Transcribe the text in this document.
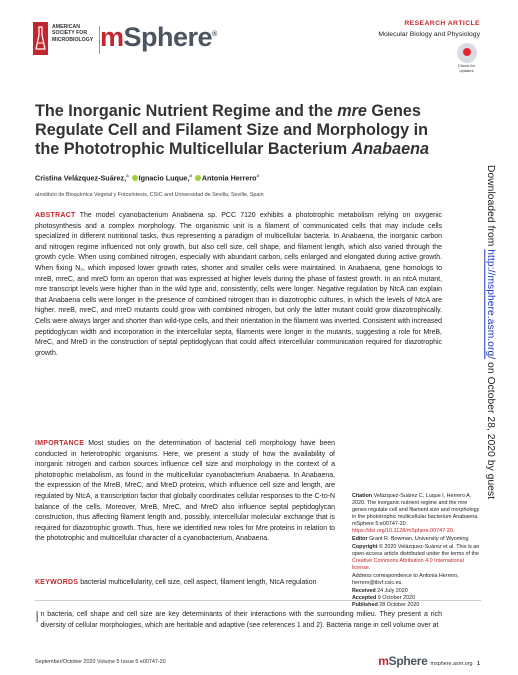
AMERICAN
SOCIETY FOR
MICROBIOLOGY mSphere®
RESEARCH ARTICLE
Molecular Biology and Physiology
Check for
updates
The Inorganic Nutrient Regime and the mre Genes Regulate Cell and Filament Size and Morphology in the Phototrophic Multicellular Bacterium Anabaena
Cristina Velázquez-Suárez,$^a$ Ignacio Luque,$^a$ Antonia Herrero$^a$
aInstituto de Bioquímica Vegetal y Fotosíntesis, CSIC and Universidad de Sevilla, Seville, Spain
ABSTRACT The model cyanobacterium Anabaena sp. PCC 7120 exhibits a phototrophic metabolism relying on oxygenic photosynthesis and a complex morphology. The organismic unit is a filament of communicated cells that may include cells specialized in different nutritional tasks, thus representing a paradigm of multicellular bacteria. In Anabaena, the inorganic carbon and nitrogen regime influenced not only growth, but also cell size, cell shape, and filament length, which also varied through the growth cycle. When using combined nitrogen, especially with abundant carbon, cells enlarged and elongated during active growth. When fixing N₂, which imposed lower growth rates, shorter and smaller cells were maintained. In Anabaena, gene homologs to mreB, mreC, and mreD form an operon that was expressed at higher levels during the phase of fastest growth. In an ntcA mutant, mre transcript levels were higher than in the wild type and, consistently, cells were longer. Negative regulation by NtcA can explain that Anabaena cells were longer in the presence of combined nitrogen than in diazotrophic cultures, in which the levels of NtcA are higher. mreB, mreC, and mreD mutants could grow with combined nitrogen, but only the latter mutant could grow diazotrophically. Cells were always larger and shorter than wild-type cells, and their orientation in the filament was inverted. Consistent with increased peptidoglycan width and incorporation in the intercellular septa, filaments were longer in the mutants, suggesting a role for MreB, MreC, and MreD in the construction of septal peptidoglycan that could affect intercellular communication required for diazotrophic growth.
IMPORTANCE Most studies on the determination of bacterial cell morphology have been conducted in heterotrophic organisms. Here, we present a study of how the availability of inorganic nitrogen and carbon sources influence cell size and morphology in the context of a phototrophic metabolism, as found in the multicellular cyanobacterium Anabaena. In Anabaena, the expression of the MreB, MreC, and MreD proteins, which influence cell size and length, are regulated by NtcA, a transcription factor that globally coordinates cellular responses to the C-to-N balance of the cells. Moreover, MreB, MreC, and MreD also influence septal peptidoglycan construction, thus affecting filament length and, possibly, intercellular molecular exchange that is required for diazotrophic growth. Thus, here we identified new roles for Mre proteins in relation to the phototrophic and multicellular character of a cyanobacterium, Anabaena.
KEYWORDS bacterial multicellularity, cell size, cell aspect, filament length, NtcA regulation
In bacteria, cell shape and cell size are key determinants of their interactions with the surrounding milieu. They present a rich diversity of cellular morphologies, which are heritable and adaptive (see references 1 and 2). Bacteria range in cell volume over at
Citation Velázquez-Suárez C, Luque I, Herrero A. 2020. The inorganic nutrient regime and the mre genes regulate cell and filament size and morphology in the phototrophic multicellular bacterium Anabaena. mSphere 5:e00747-20. https://doi.org/10.1128/mSphere.00747-20.
Editor Grant R. Bowman, University of Wyoming
Copyright © 2020 Velázquez-Suárez et al. This is an open-access article distributed under the terms of the Creative Commons Attribution 4.0 International license.
Address correspondence to Antonia Herrero, herrero@ibvf.csic.es.
Received 24 July 2020
Accepted 9 October 2020
Published 28 October 2020
September/October 2020 Volume 5 Issue 5 e00747-20	mSphere msphere.asm.org 1
Downloaded from http://msphere.asm.org/ on October 28, 2020 by guest
